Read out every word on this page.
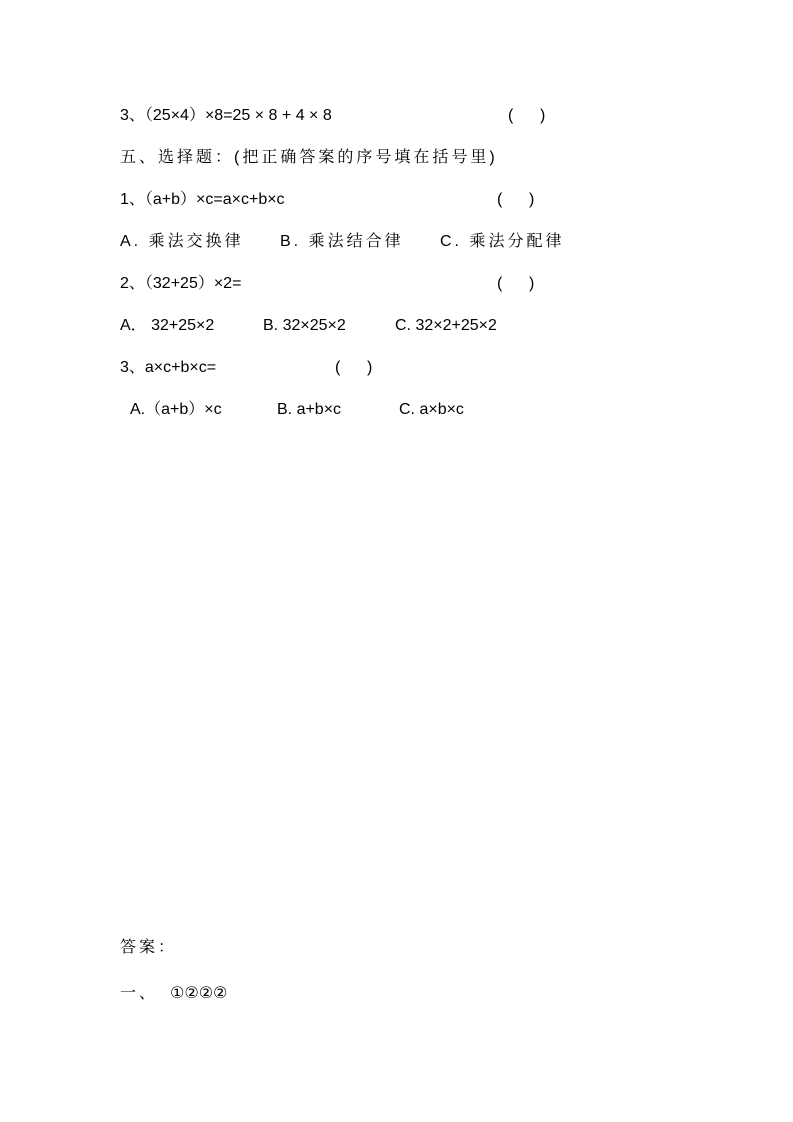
3、（25×4）×8=25 × 8 + 4 × 8	(      )
五、选择题：(把正确答案的序号填在括号里)
1、（a+b）×c=a×c+b×c	(      )
A. 乘法交换律 B. 乘法结合律 C. 乘法分配律
2、（32+25）×2=	(      )
A． 32+25×2	B. 32×25×2	C. 32×2+25×2
3、a×c+b×c=	(      )
A.（a+b）×c	B. a+b×c	C. a×b×c
答案：
一、 ①②②②
